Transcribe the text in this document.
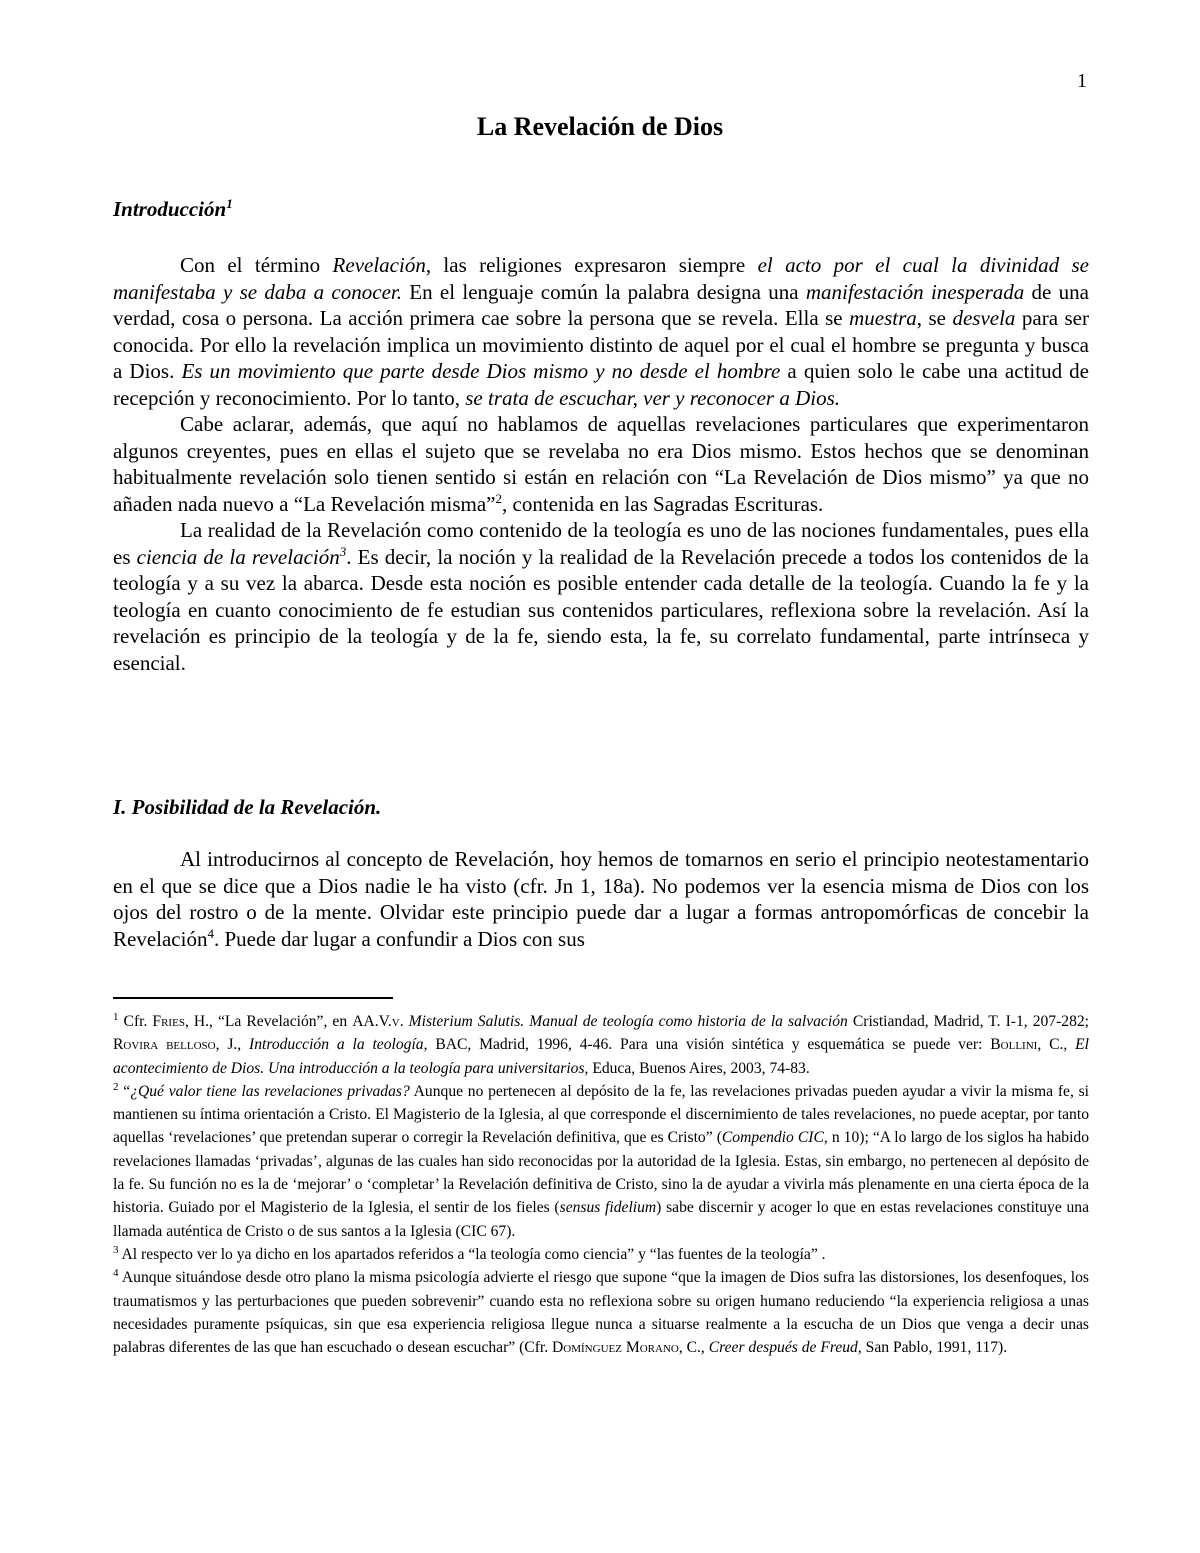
1
La Revelación de Dios
Introducción$^1$

Con el término Revelación, las religiones expresaron siempre el acto por el cual la divinidad se manifestaba y se daba a conocer. En el lenguaje común la palabra designa una manifestación inesperada de una verdad, cosa o persona. La acción primera cae sobre la persona que se revela. Ella se muestra, se desvela para ser conocida. Por ello la revelación implica un movimiento distinto de aquel por el cual el hombre se pregunta y busca a Dios. Es un movimiento que parte desde Dios mismo y no desde el hombre a quien solo le cabe una actitud de recepción y reconocimiento. Por lo tanto, se trata de escuchar, ver y reconocer a Dios.

Cabe aclarar, además, que aquí no hablamos de aquellas revelaciones particulares que experimentaron algunos creyentes, pues en ellas el sujeto que se revelaba no era Dios mismo. Estos hechos que se denominan habitualmente revelación solo tienen sentido si están en relación con “La Revelación de Dios mismo” ya que no añaden nada nuevo a “La Revelación misma”$^2$, contenida en las Sagradas Escrituras.

La realidad de la Revelación como contenido de la teología es uno de las nociones fundamentales, pues ella es ciencia de la revelación$^3$. Es decir, la noción y la realidad de la Revelación precede a todos los contenidos de la teología y a su vez la abarca. Desde esta noción es posible entender cada detalle de la teología. Cuando la fe y la teología en cuanto conocimiento de fe estudian sus contenidos particulares, reflexiona sobre la revelación. Así la revelación es principio de la teología y de la fe, siendo esta, la fe, su correlato fundamental, parte intrínseca y esencial.

I. Posibilidad de la Revelación.

Al introducirnos al concepto de Revelación, hoy hemos de tomarnos en serio el principio neotestamentario en el que se dice que a Dios nadie le ha visto (cfr. Jn 1, 18a). No podemos ver la esencia misma de Dios con los ojos del rostro o de la mente. Olvidar este principio puede dar a lugar a formas antropomórficas de concebir la Revelación$^4$. Puede dar lugar a confundir a Dios con sus

$^1$ Cfr. Fries, H., “La Revelación”, en AA.V.v. Misterium Salutis. Manual de teología como historia de la salvación Cristiandad, Madrid, T. I-1, 207-282; Rovira belloso, J., Introducción a la teología, BAC, Madrid, 1996, 4-46. Para una visión sintética y esquemática se puede ver: Bollini, C., El acontecimiento de Dios. Una introducción a la teología para universitarios, Educa, Buenos Aires, 2003, 74-83.

$^2$ “¿Qué valor tiene las revelaciones privadas? Aunque no pertenecen al depósito de la fe, las revelaciones privadas pueden ayudar a vivir la misma fe, si mantienen su íntima orientación a Cristo. El Magisterio de la Iglesia, al que corresponde el discernimiento de tales revelaciones, no puede aceptar, por tanto aquellas ‘revelaciones’ que pretendan superar o corregir la Revelación definitiva, que es Cristo” (Compendio CIC, n 10); “A lo largo de los siglos ha habido revelaciones llamadas ‘privadas’, algunas de las cuales han sido reconocidas por la autoridad de la Iglesia. Estas, sin embargo, no pertenecen al depósito de la fe. Su función no es la de ‘mejorar’ o ‘completar’ la Revelación definitiva de Cristo, sino la de ayudar a vivirla más plenamente en una cierta época de la historia. Guiado por el Magisterio de la Iglesia, el sentir de los fieles (sensus fidelium) sabe discernir y acoger lo que en estas revelaciones constituye una llamada auténtica de Cristo o de sus santos a la Iglesia (CIC 67).

$^3$ Al respecto ver lo ya dicho en los apartados referidos a “la teología como ciencia” y “las fuentes de la teología” .

$^4$ Aunque situándose desde otro plano la misma psicología advierte el riesgo que supone “que la imagen de Dios sufra las distorsiones, los desenfoques, los traumatismos y las perturbaciones que pueden sobrevenir” cuando esta no reflexiona sobre su origen humano reduciendo “la experiencia religiosa a unas necesidades puramente psíquicas, sin que esa experiencia religiosa llegue nunca a situarse realmente a la escucha de un Dios que venga a decir unas palabras diferentes de las que han escuchado o desean escuchar” (Cfr. Domínguez Morano, C., Creer después de Freud, San Pablo, 1991, 117).
